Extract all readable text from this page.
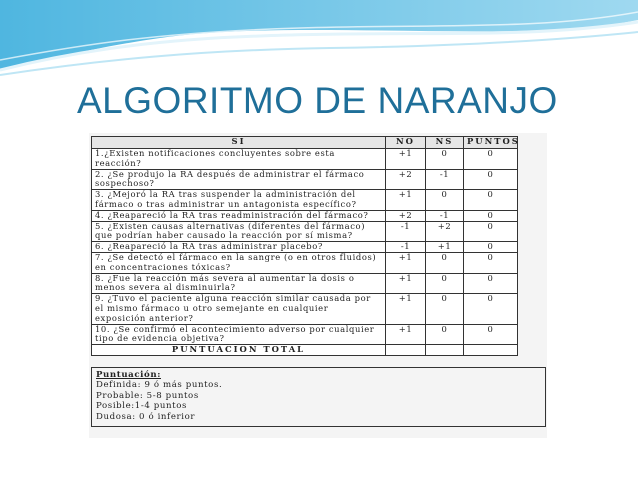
ALGORITMO DE NARANJO
SI	NO	NS	PUNTOS	
1.¿Existen notificaciones concluyentes sobre esta reacción?	+1	0	0	
2. ¿Se produjo la RA después de administrar el fármaco sospechoso?	+2	-1	0	
3. ¿Mejoró la RA tras suspender la administración del fármaco o tras administrar un antagonista específico?	+1	0	0	
4. ¿Reapareció la RA tras readministración del fármaco?	+2	-1	0	
5. ¿Existen causas alternativas (diferentes del fármaco) que podrían haber causado la reacción por sí misma?	-1	+2	0	
6. ¿Reapareció la RA tras administrar placebo?	-1	+1	0	
7. ¿Se detectó el fármaco en la sangre (o en otros fluidos) en concentraciones tóxicas?	+1	0	0	
8. ¿Fue la reacción más severa al aumentar la dosis o menos severa al disminuirla?	+1	0	0	
9. ¿Tuvo el paciente alguna reacción similar causada por el mismo fármaco u otro semejante en cualquier exposición anterior?	+1	0	0	
10. ¿Se confirmó el acontecimiento adverso por cualquier tipo de evidencia objetiva?	+1	0	0	
PUNTUACION TOTAL				
Puntuación:
Definida: 9 ó más puntos.
Probable: 5-8 puntos
Posible:1-4 puntos
Dudosa: 0 ó inferior
